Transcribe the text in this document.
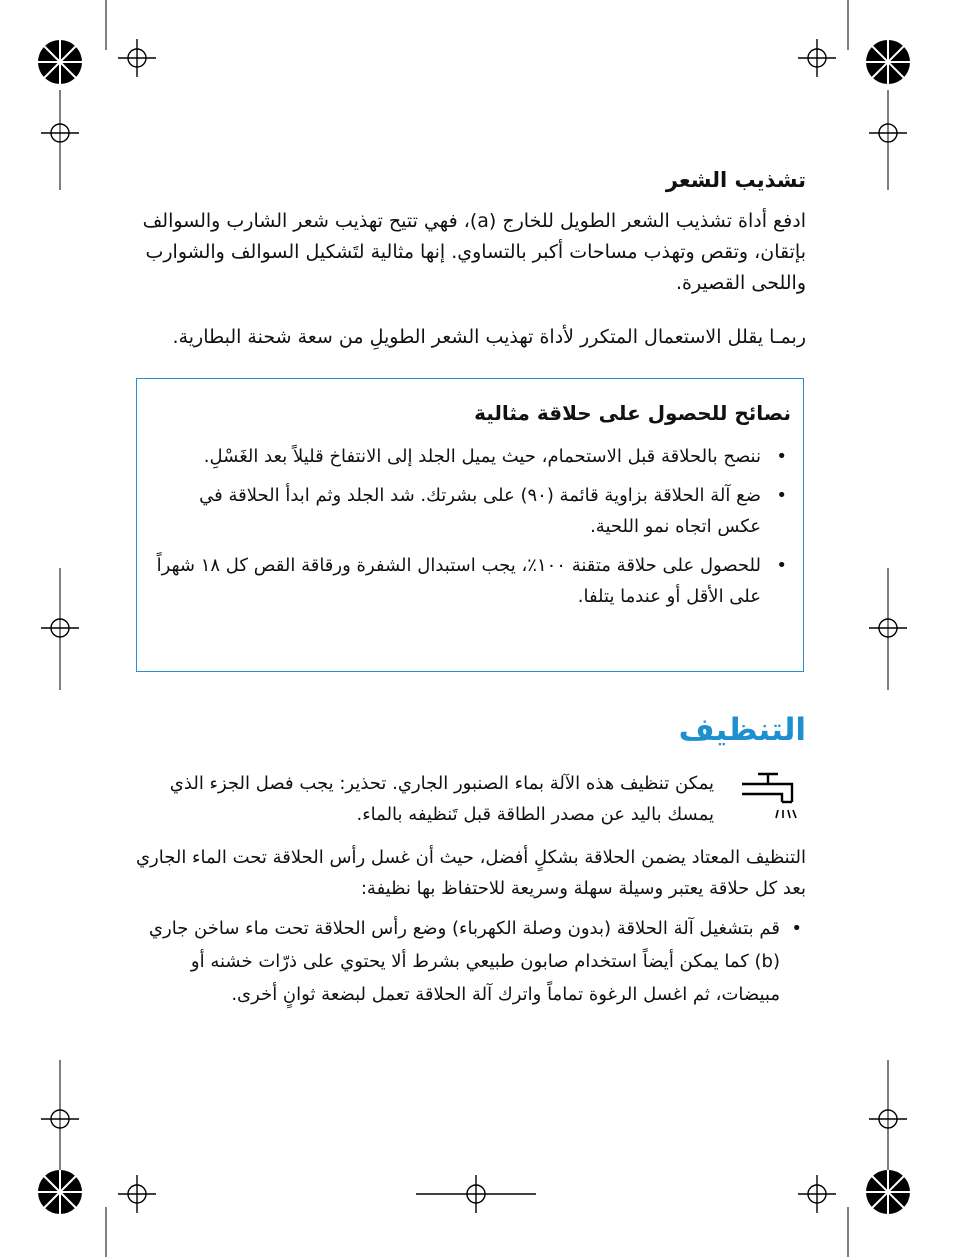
تشذيب الشعر
ادفع أداة تشذيب الشعر الطويل للخارج (a)، فهي تتيح تهذيب شعر الشارب والسوالف بإتقان، وتقص وتهذب مساحات أكبر بالتساوي. إنها مثالية لتَشكيل السوالف والشوارب واللحى القصيرة.
ربمـا يقلل الاستعمال المتكرر لأداة تهذيب الشعر الطويلِ من سعة شحنة البطارية.
نصائح للحصول على حلاقة مثالية
•
ننصح بالحلاقة قبل الاستحمام، حيث يميل الجلد إلى الانتفاخ قليلاً بعد الغَسْلِ.
•
ضع آلة الحلاقة بزاوية قائمة (٩٠) على بشرتك. شد الجلد وثم ابدأ الحلاقة في عكس اتجاه نمو اللحية.
•
للحصول على حلاقة متقنة ١٠٠٪، يجب استبدال الشفرة ورقاقة القص كل ١٨ شهراً على الأقل أو عندما يتلفا.
التنظيف
يمكن تنظيف هذه الآلة بماء الصنبور الجاري. تحذير: يجب فصل الجزء الذي يمسك باليد عن مصدر الطاقة قبل تَنظيفه بالماء.
التنظيف المعتاد يضمن الحلاقة بشكلٍ أفضل، حيث أن غسل رأس الحلاقة تحت الماء الجاري بعد كل حلاقة يعتبر وسيلة سهلة وسريعة للاحتفاظ بها نظيفة:
•
قم بتشغيل آلة الحلاقة (بدون وصلة الكهرباء) وضع رأس الحلاقة تحت ماء ساخن جاري (b) كما يمكن أيضاً استخدام صابون طبيعي بشرط ألا يحتوي على ذرّات خشنه أو مبيضات، ثم اغسل الرغوة تماماً واترك آلة الحلاقة تعمل لبضعة ثوانٍ أخرى.
